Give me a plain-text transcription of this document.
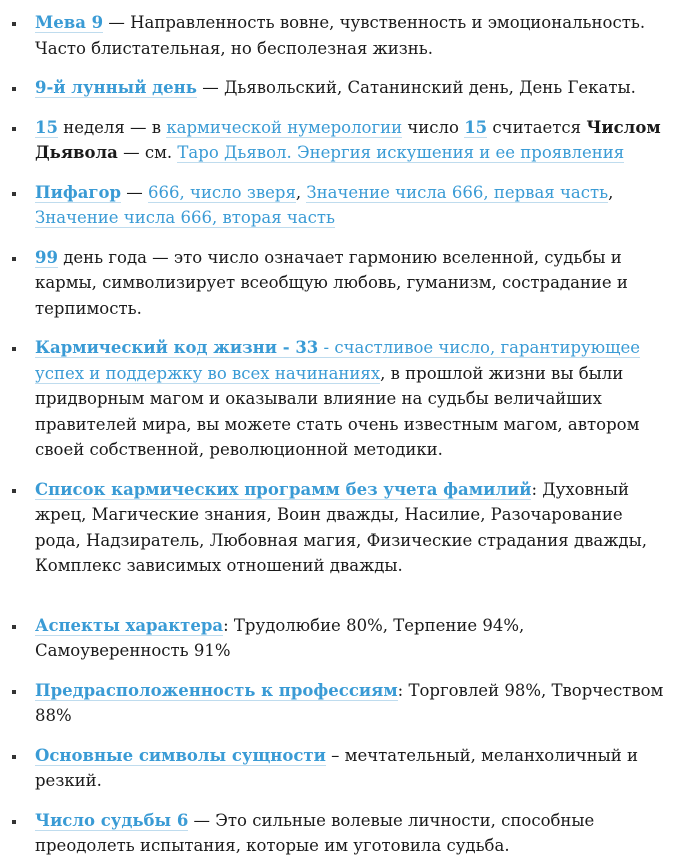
Мева 9 — Направленность вовне, чувственность и эмоциональность. Часто блистательная, но бесполезная жизнь.
9-й лунный день — Дьявольский, Сатанинский день, День Гекаты.
15 неделя — в кармической нумерологии число 15 считается Числом Дьявола — см. Таро Дьявол. Энергия искушения и ее проявления
Пифагор — 666, число зверя, Значение числа 666, первая часть, Значение числа 666, вторая часть
99 день года — это число означает гармонию вселенной, судьбы и кармы, символизирует всеобщую любовь, гуманизм, сострадание и терпимость.
Кармический код жизни - 33 - счастливое число, гарантирующее успех и поддержку во всех начинаниях, в прошлой жизни вы были придворным магом и оказывали влияние на судьбы величайших правителей мира, вы можете стать очень известным магом, автором своей собственной, революционной методики.
Список кармических программ без учета фамилий: Духовный жрец, Магические знания, Воин дважды, Насилие, Разочарование рода, Надзиратель, Любовная магия, Физические страдания дважды, Комплекс зависимых отношений дважды.
Аспекты характера: Трудолюбие 80%, Терпение 94%, Самоуверенность 91%
Предрасположенность к профессиям: Торговлей 98%, Творчеством 88%
Основные символы сущности – мечтательный, меланхоличный и резкий.
Число судьбы 6 — Это сильные волевые личности, способные преодолеть испытания, которые им уготовила судьба.
